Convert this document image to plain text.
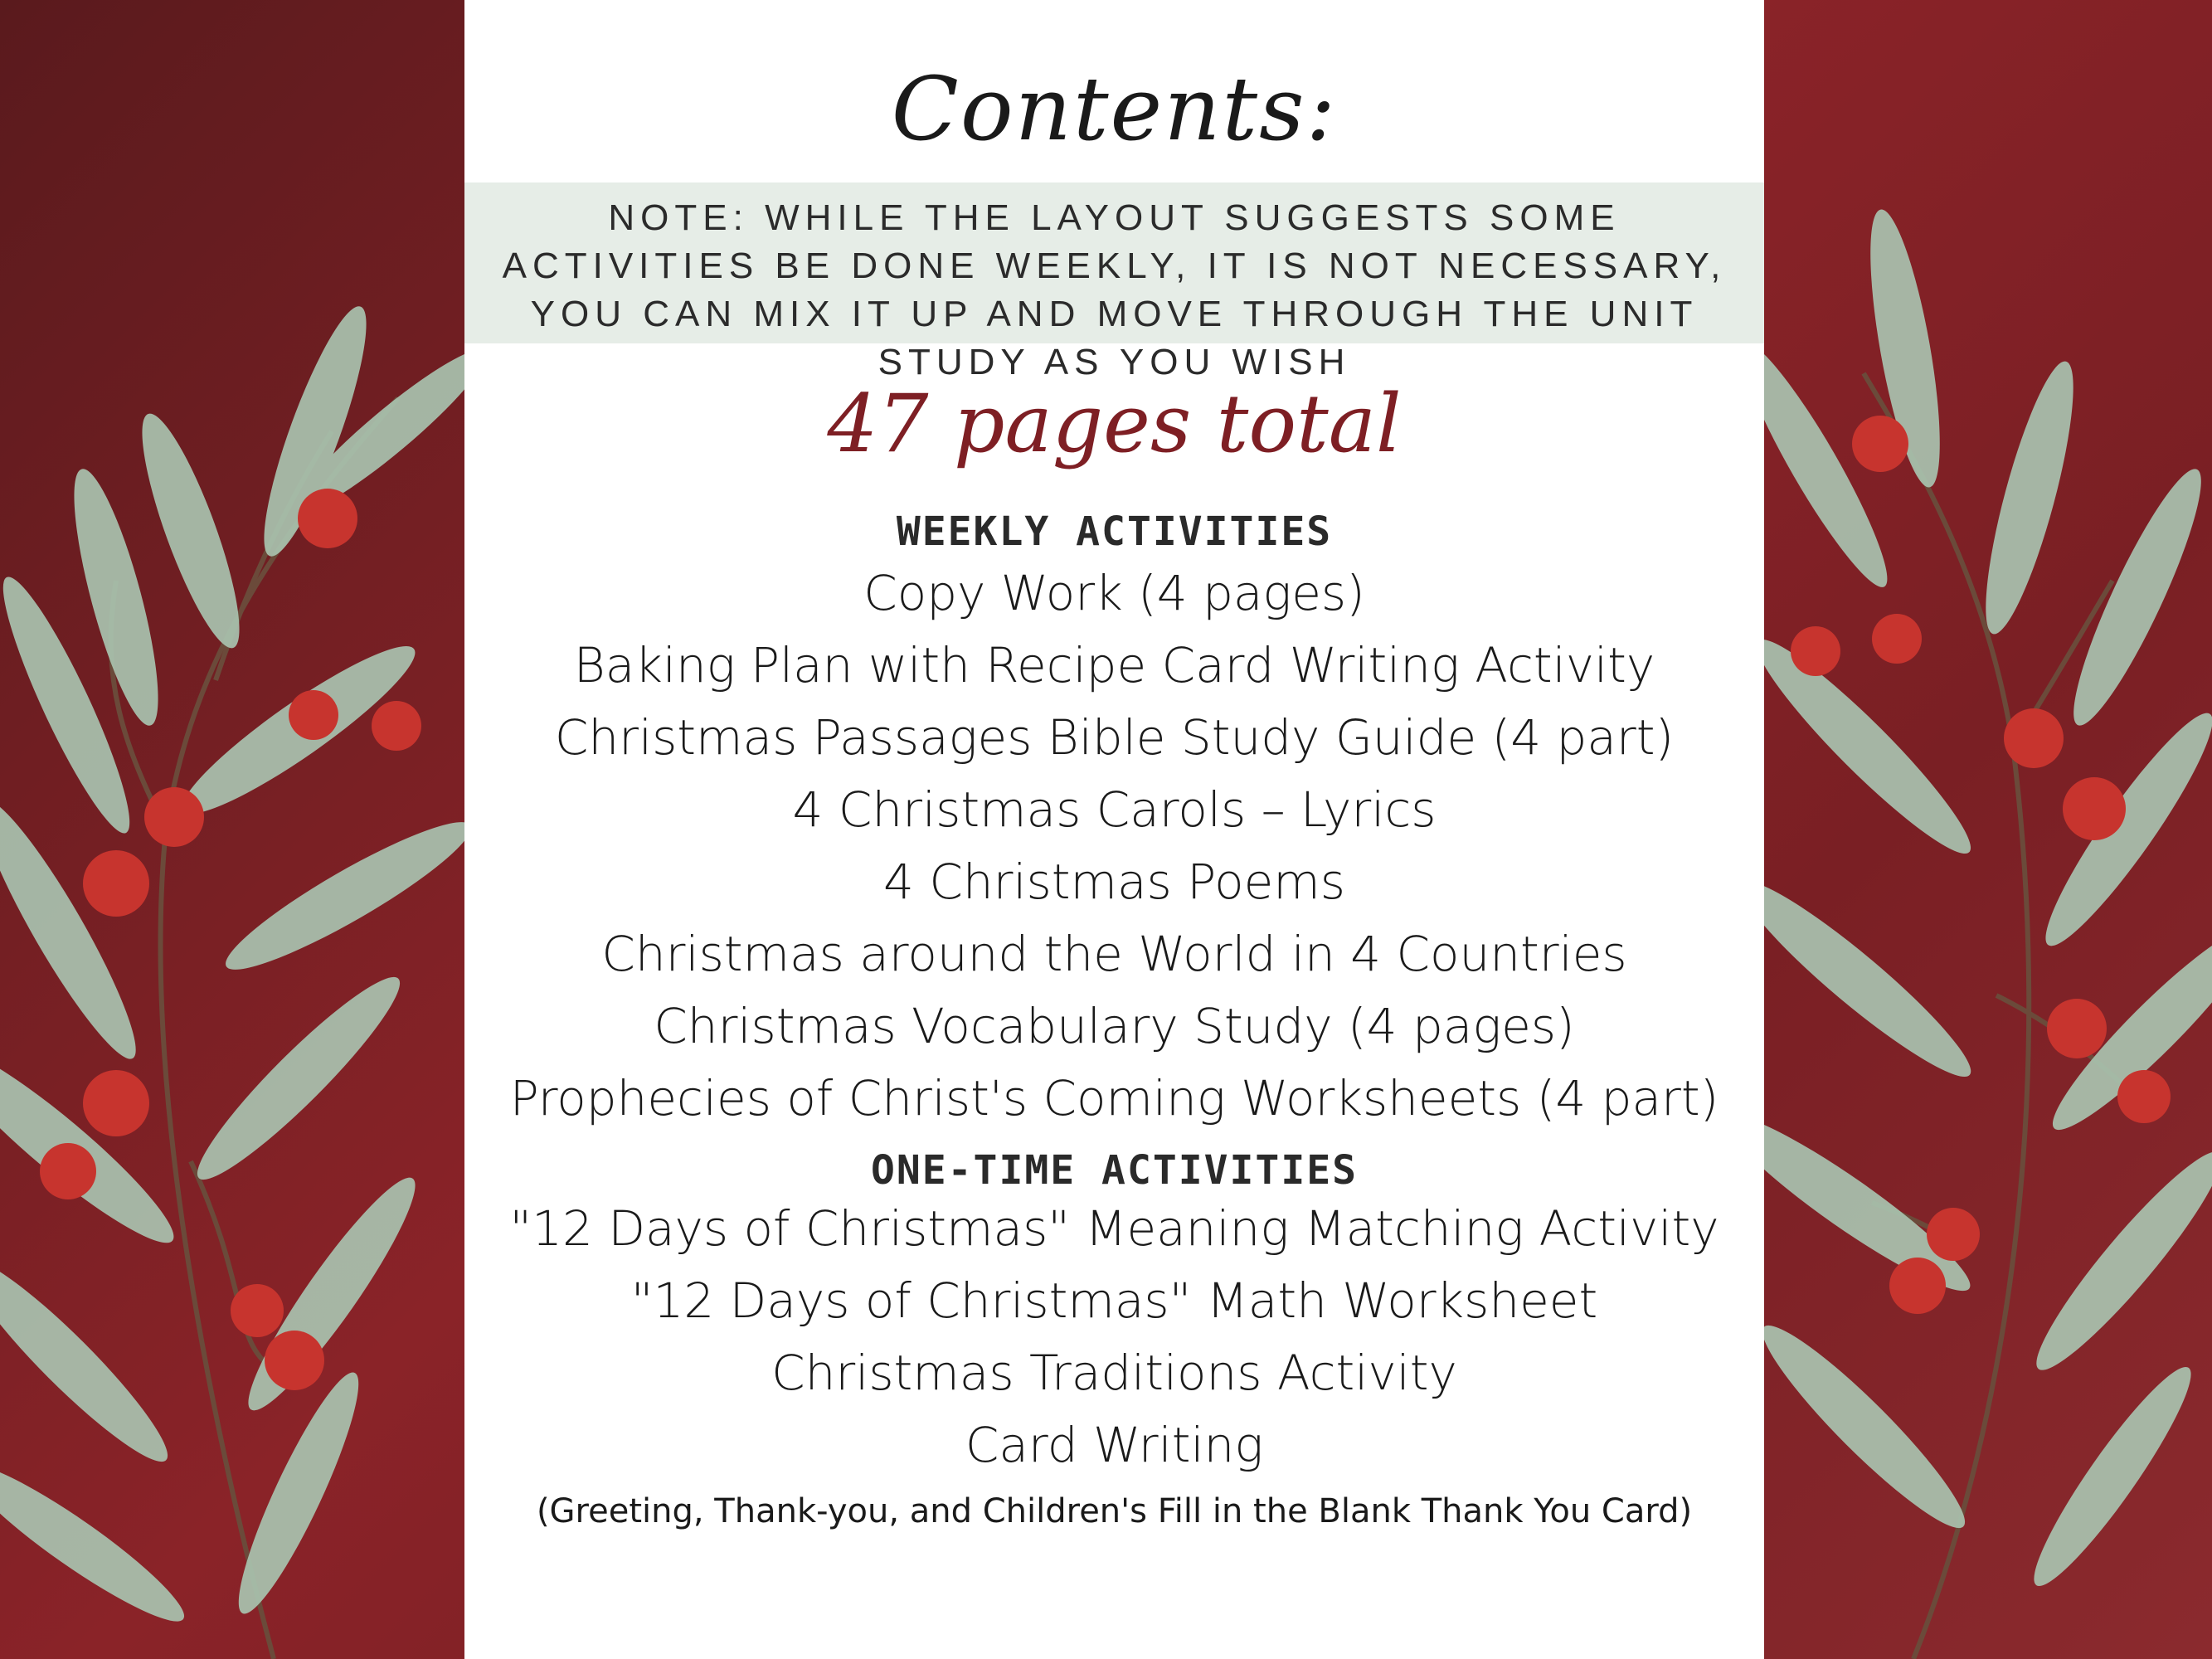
Contents:
NOTE: WHILE THE LAYOUT SUGGESTS SOME ACTIVITIES BE DONE WEEKLY, IT IS NOT NECESSARY, YOU CAN MIX IT UP AND MOVE THROUGH THE UNIT STUDY AS YOU WISH
47 pages total
WEEKLY ACTIVITIES
Copy Work (4 pages)
Baking Plan with Recipe Card Writing Activity
Christmas Passages Bible Study Guide (4 part)
4 Christmas Carols – Lyrics
4 Christmas Poems
Christmas around the World in 4 Countries
Christmas Vocabulary Study (4 pages)
Prophecies of Christ's Coming Worksheets (4 part)
ONE-TIME ACTIVITIES
"12 Days of Christmas" Meaning Matching Activity
"12 Days of Christmas" Math Worksheet
Christmas Traditions Activity
Card Writing
(Greeting, Thank-you, and Children's Fill in the Blank Thank You Card)
